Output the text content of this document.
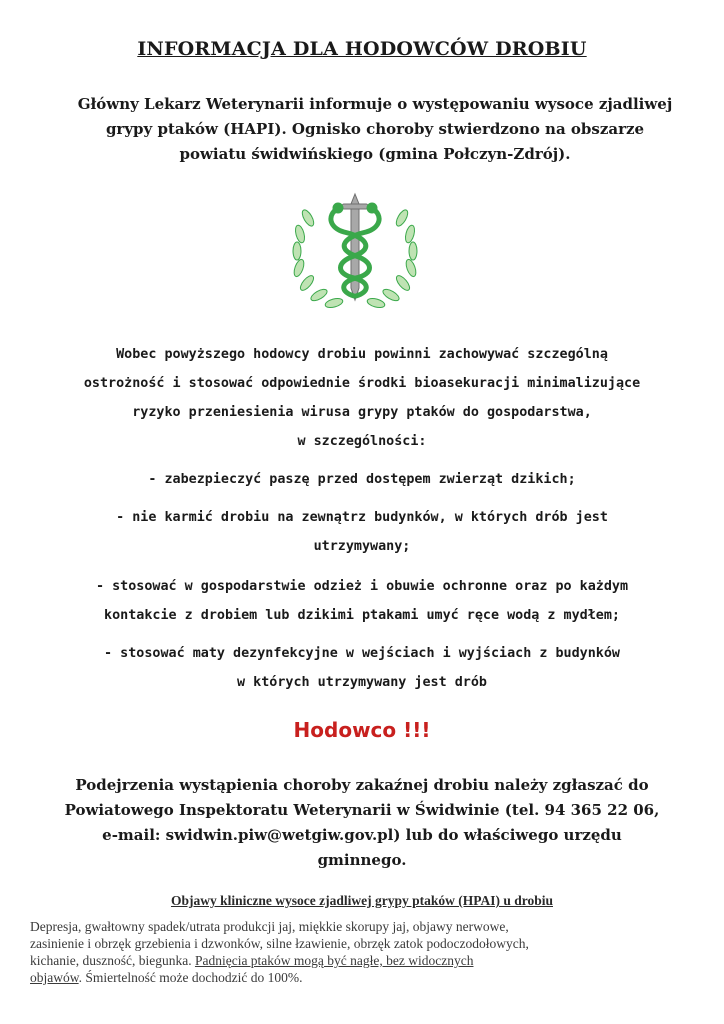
INFORMACJA DLA HODOWCÓW DROBIU
Główny Lekarz Weterynarii informuje o występowaniu wysoce zjadliwej
grypy ptaków (HAPI). Ognisko choroby stwierdzono na obszarze
powiatu świdwińskiego (gmina Połczyn-Zdrój).
Wobec powyższego hodowcy drobiu powinni zachowywać szczególną
ostrożność i stosować odpowiednie środki bioasekuracji minimalizujące
ryzyko przeniesienia wirusa grypy ptaków do gospodarstwa,
w szczególności:
- zabezpieczyć paszę przed dostępem zwierząt dzikich;
- nie karmić drobiu na zewnątrz budynków, w których drób jest
utrzymywany;
- stosować w gospodarstwie odzież i obuwie ochronne oraz po każdym
kontakcie z drobiem lub dzikimi ptakami umyć ręce wodą z mydłem;
- stosować maty dezynfekcyjne w wejściach i wyjściach z budynków
w których utrzymywany jest drób
Hodowco !!!
Podejrzenia wystąpienia choroby zakaźnej drobiu należy zgłaszać do
Powiatowego Inspektoratu Weterynarii w Świdwinie (tel. 94 365 22 06,
e-mail: swidwin.piw@wetgiw.gov.pl) lub do właściwego urzędu
gminnego.
Objawy kliniczne wysoce zjadliwej grypy ptaków (HPAI) u drobiu
Depresja, gwałtowny spadek/utrata produkcji jaj, miękkie skorupy jaj, objawy nerwowe,
zasinienie i obrzęk grzebienia i dzwonków, silne łzawienie, obrzęk zatok podoczodołowych,
kichanie, duszność, biegunka. Padnięcia ptaków mogą być nagłe, bez widocznych
objawów. Śmiertelność może dochodzić do 100%.
